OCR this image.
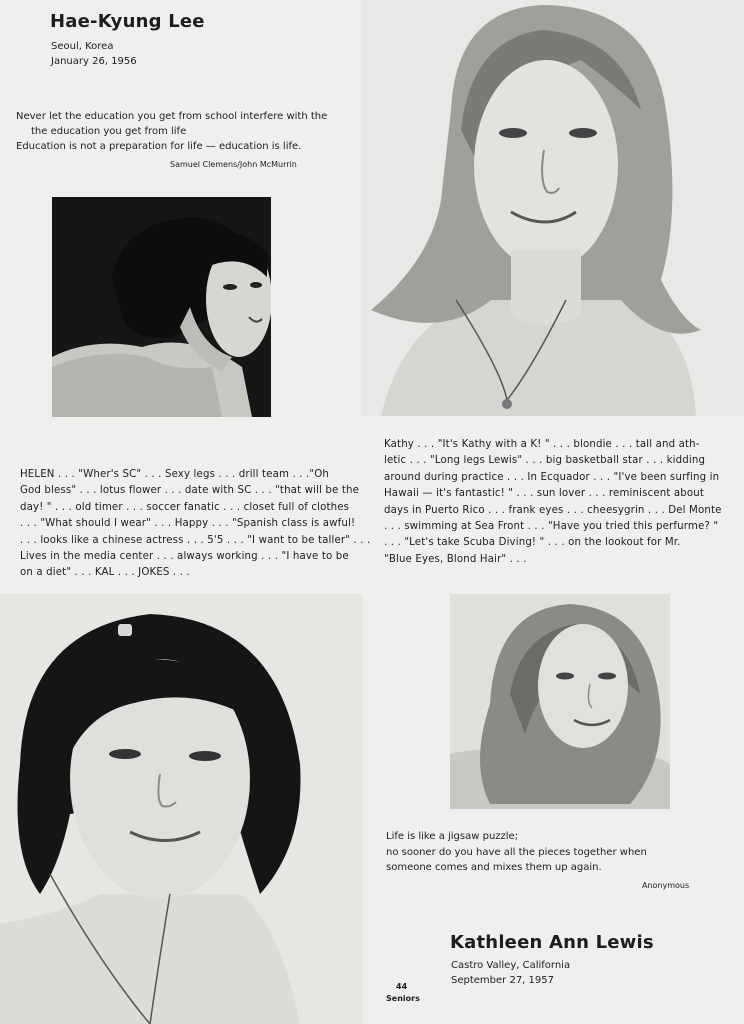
Hae-Kyung Lee
Seoul, Korea
January 26, 1956
Never let the education you get from school interfere with the
the education you get from life
Education is not a preparation for life — education is life.
Samuel Clemens/John McMurrin
Kathy . . . "It's Kathy with a K! " . . . blondie . . . tall and ath-
letic . . . "Long legs Lewis" . . . big basketball star . . . kidding
around during practice . . . In Ecquador . . . "I've been surfing in
Hawaii — it's fantastic! " . . . sun lover . . . reminiscent about
days in Puerto Rico . . . frank eyes . . . cheesygrin . . . Del Monte
. . . swimming at Sea Front . . . "Have you tried this perfurme? "
. . . "Let's take Scuba Diving! " . . . on the lookout for Mr.
"Blue Eyes, Blond Hair" . . .
HELEN . . . "Wher's SC" . . . Sexy legs . . . drill team . . ."Oh
God bless" . . . lotus flower . . . date with SC . . . "that will be the
day! " . . . old timer . . . soccer fanatic . . . closet full of clothes
. . . "What should I wear" . . . Happy . . . "Spanish class is awful!
. . . looks like a chinese actress . . . 5'5 . . . "I want to be taller" . . .
Lives in the media center . . . always working . . . "I have to be
on a diet" . . . KAL . . . JOKES . . .
Life is like a jigsaw puzzle;
no sooner do you have all the pieces together when
someone comes and mixes them up again.
Anonymous
Kathleen Ann Lewis
Castro Valley, California
September 27, 1957
44
Seniors
